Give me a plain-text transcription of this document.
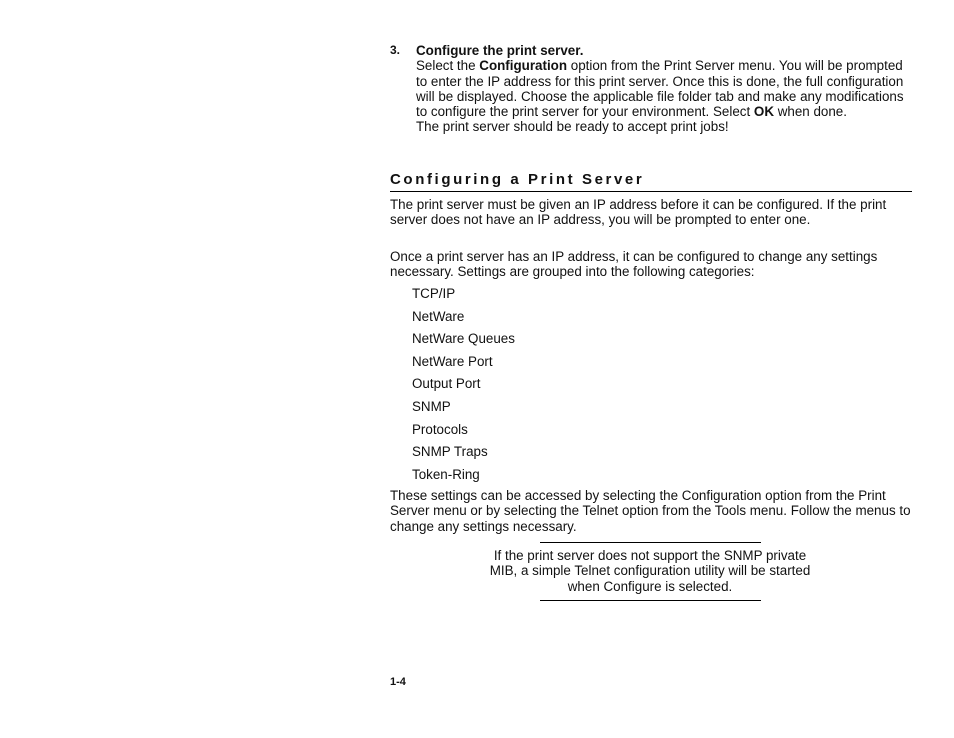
3. Configure the print server.

Select the Configuration option from the Print Server menu. You will be prompted to enter the IP address for this print server. Once this is done, the full configuration will be displayed. Choose the applicable file folder tab and make any modifications to configure the print server for your environment. Select OK when done.

The print server should be ready to accept print jobs!

Configuring a Print Server

The print server must be given an IP address before it can be configured. If the print server does not have an IP address, you will be prompted to enter one.

Once a print server has an IP address, it can be configured to change any settings necessary. Settings are grouped into the following categories:

TCP/IP
NetWare
NetWare Queues
NetWare Port
Output Port
SNMP
Protocols
SNMP Traps
Token-Ring

These settings can be accessed by selecting the Configuration option from the Print Server menu or by selecting the Telnet option from the Tools menu. Follow the menus to change any settings necessary.

If the print server does not support the SNMP private
MIB, a simple Telnet configuration utility will be started
when Configure is selected.

1-4
